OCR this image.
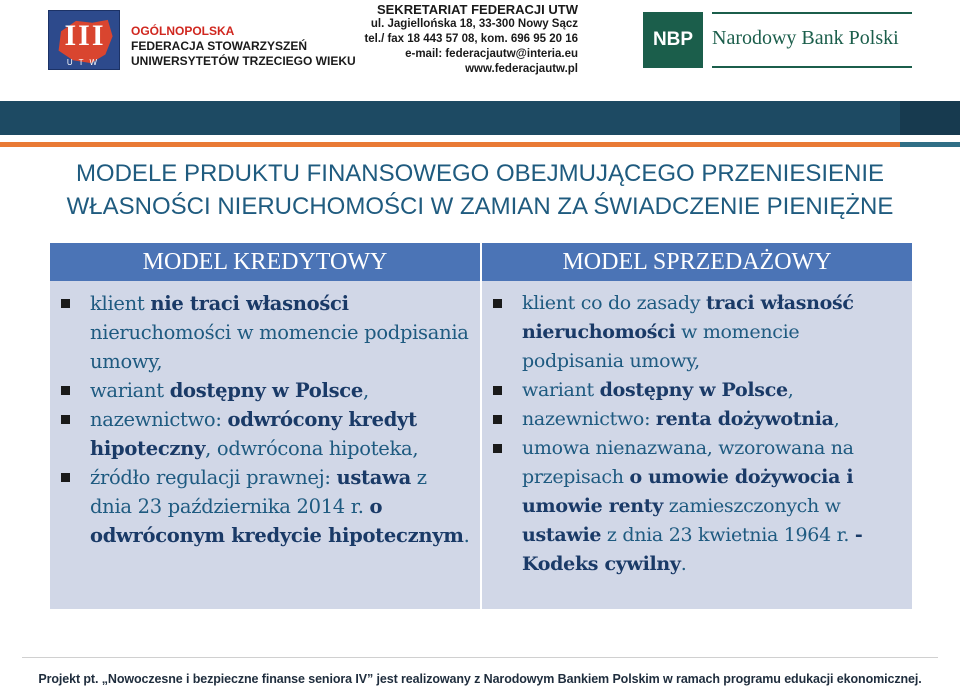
III
UTW
OGÓLNOPOLSKA
FEDERACJA STOWARZYSZEŃ
UNIWERSYTETÓW TRZECIEGO WIEKU
SEKRETARIAT FEDERACJI UTW
ul. Jagiellońska 18, 33-300 Nowy Sącz
tel./ fax 18 443 57 08, kom. 696 95 20 16
e-mail: federacjautw@interia.eu
www.federacjautw.pl
NBP Narodowy Bank Polski
MODELE PRDUKTU FINANSOWEGO OBEJMUJĄCEGO PRZENIESIENIE
WŁASNOŚCI NIERUCHOMOŚCI W ZAMIAN ZA ŚWIADCZENIE PIENIĘŻNE
MODEL KREDYTOWY
klient nie traci własności nieruchomości w momencie podpisania umowy,
wariant dostępny w Polsce,
nazewnictwo: odwrócony kredyt hipoteczny, odwrócona hipoteka,
źródło regulacji prawnej: ustawa z dnia 23 października 2014 r. o odwróconym kredycie hipotecznym.
MODEL SPRZEDAŻOWY
klient co do zasady traci własność nieruchomości w momencie podpisania umowy,
wariant dostępny w Polsce,
nazewnictwo: renta dożywotnia,
umowa nienazwana, wzorowana na przepisach o umowie dożywocia i umowie renty zamieszczonych w ustawie z dnia 23 kwietnia 1964 r. - Kodeks cywilny.
Projekt pt. „Nowoczesne i bezpieczne finanse seniora IV” jest realizowany z Narodowym Bankiem Polskim w ramach programu edukacji ekonomicznej.
